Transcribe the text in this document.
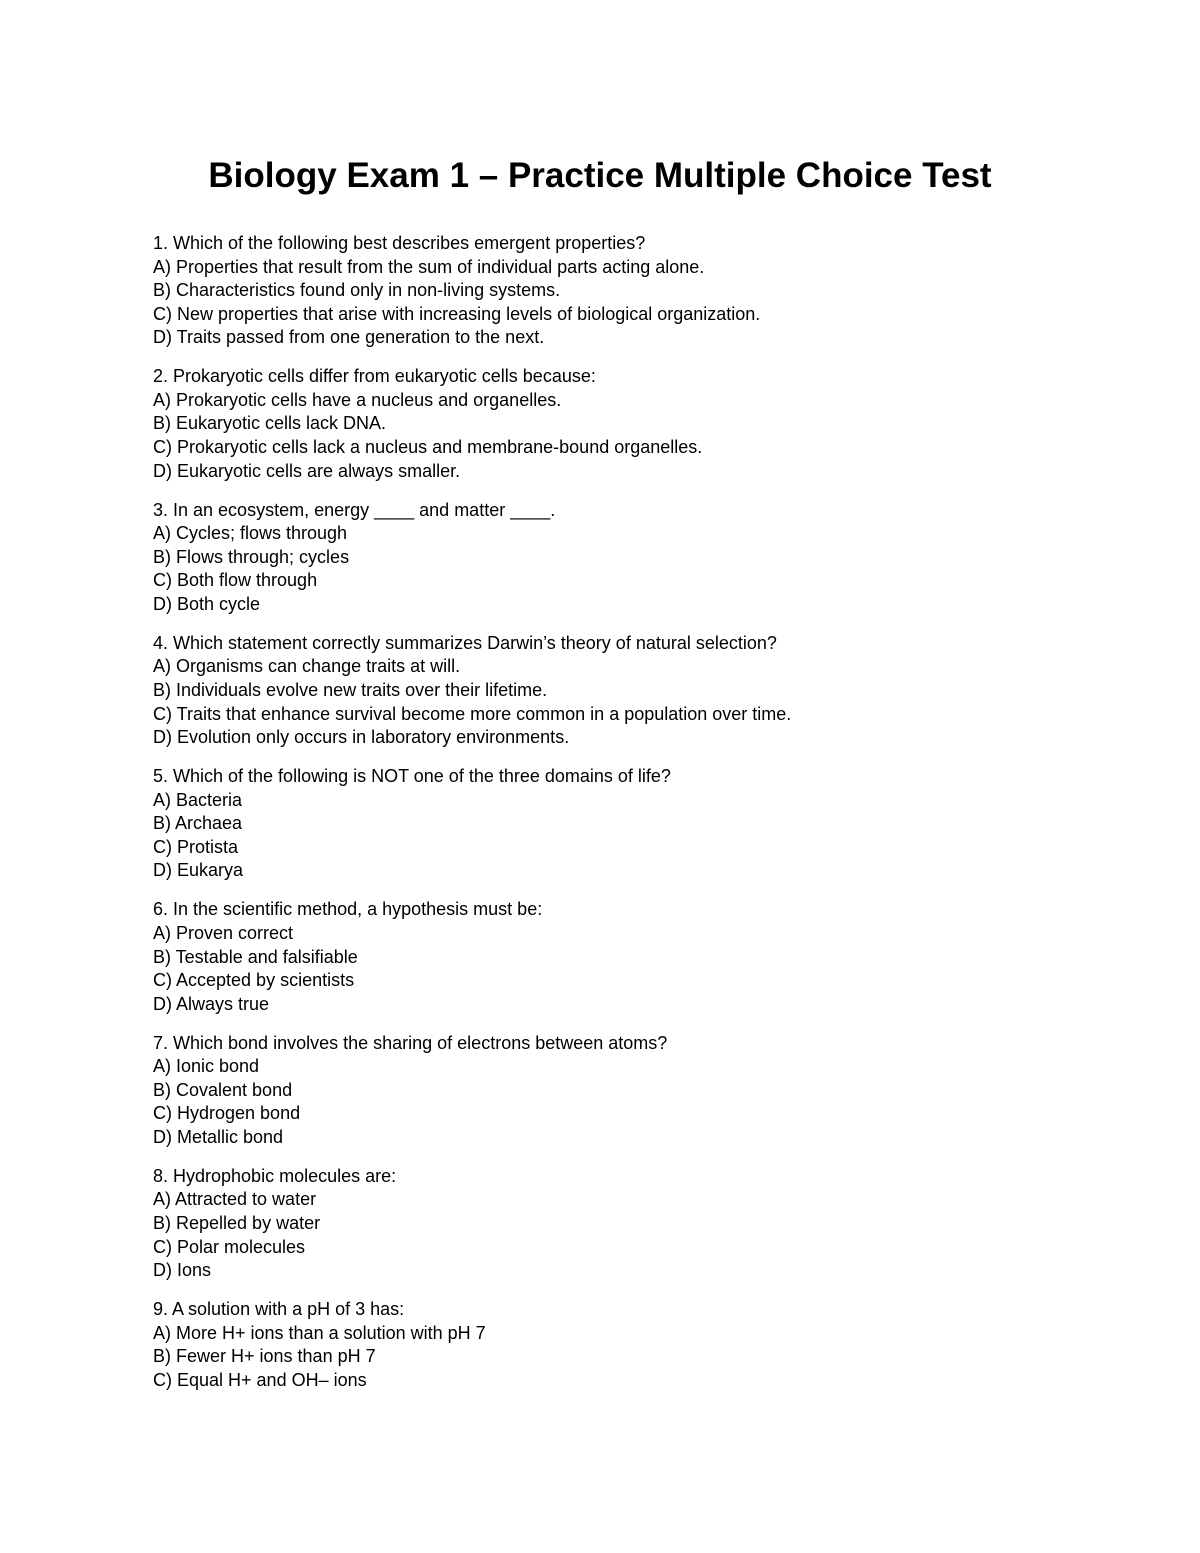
Biology Exam 1 – Practice Multiple Choice Test
1. Which of the following best describes emergent properties?
A) Properties that result from the sum of individual parts acting alone.
B) Characteristics found only in non-living systems.
C) New properties that arise with increasing levels of biological organization.
D) Traits passed from one generation to the next.
2. Prokaryotic cells differ from eukaryotic cells because:
A) Prokaryotic cells have a nucleus and organelles.
B) Eukaryotic cells lack DNA.
C) Prokaryotic cells lack a nucleus and membrane-bound organelles.
D) Eukaryotic cells are always smaller.
3. In an ecosystem, energy ____ and matter ____.
A) Cycles; flows through
B) Flows through; cycles
C) Both flow through
D) Both cycle
4. Which statement correctly summarizes Darwin’s theory of natural selection?
A) Organisms can change traits at will.
B) Individuals evolve new traits over their lifetime.
C) Traits that enhance survival become more common in a population over time.
D) Evolution only occurs in laboratory environments.
5. Which of the following is NOT one of the three domains of life?
A) Bacteria
B) Archaea
C) Protista
D) Eukarya
6. In the scientific method, a hypothesis must be:
A) Proven correct
B) Testable and falsifiable
C) Accepted by scientists
D) Always true
7. Which bond involves the sharing of electrons between atoms?
A) Ionic bond
B) Covalent bond
C) Hydrogen bond
D) Metallic bond
8. Hydrophobic molecules are:
A) Attracted to water
B) Repelled by water
C) Polar molecules
D) Ions
9. A solution with a pH of 3 has:
A) More H+ ions than a solution with pH 7
B) Fewer H+ ions than pH 7
C) Equal H+ and OH– ions
